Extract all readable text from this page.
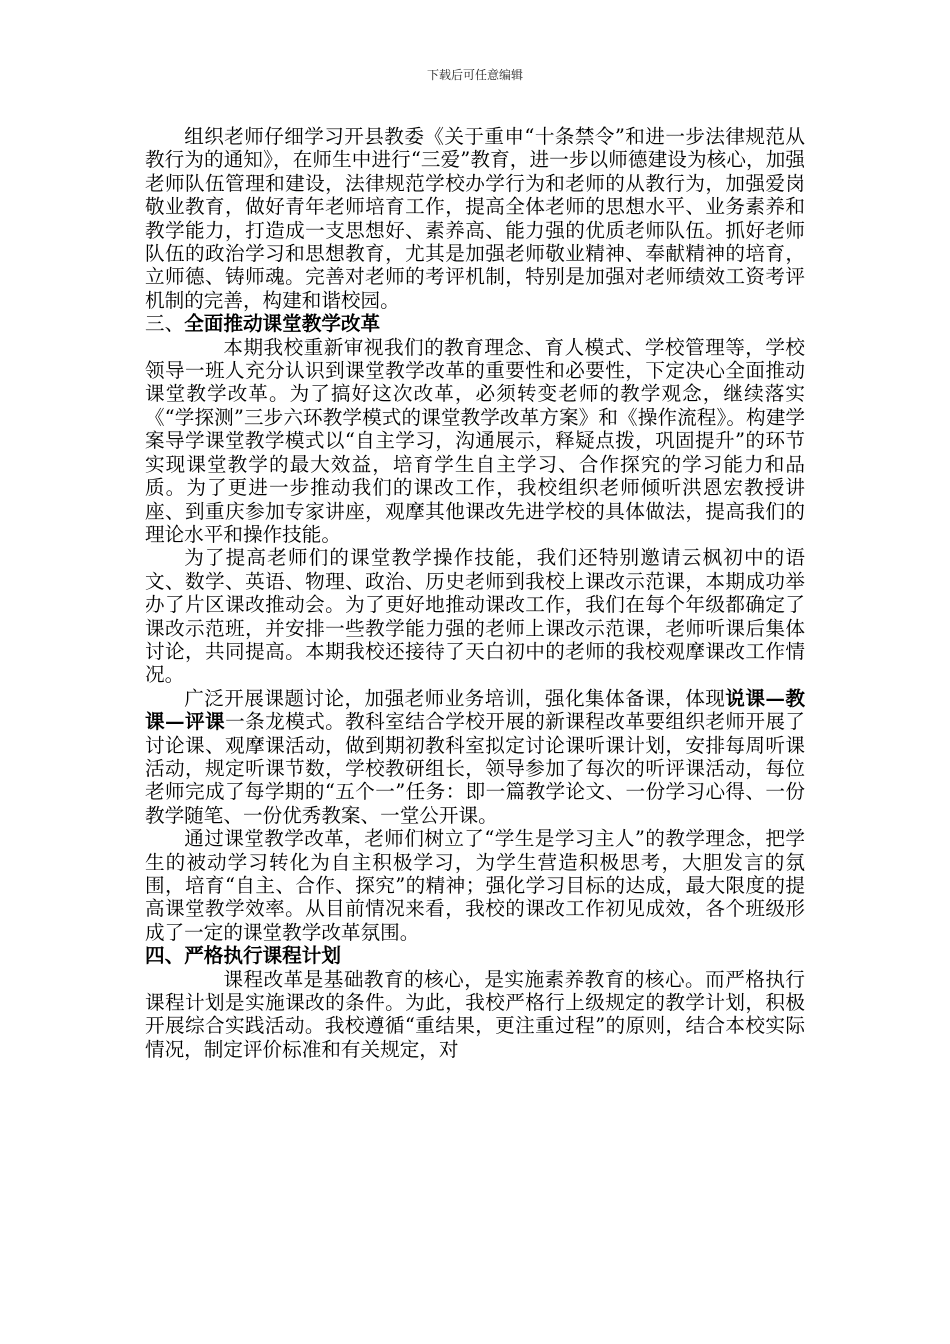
下载后可任意编辑

组织老师仔细学习开县教委《关于重申“十条禁令”和进一步法律规范从教行为的通知》，在师生中进行“三爱”教育，进一步以师德建设为核心，加强老师队伍管理和建设，法律规范学校办学行为和老师的从教行为，加强爱岗敬业教育，做好青年老师培育工作，提高全体老师的思想水平、业务素养和教学能力，打造成一支思想好、素养高、能力强的优质老师队伍。抓好老师队伍的政治学习和思想教育，尤其是加强老师敬业精神、奉献精神的培育，立师德、铸师魂。完善对老师的考评机制，特别是加强对老师绩效工资考评机制的完善，构建和谐校园。

三、全面推动课堂教学改革

本期我校重新审视我们的教育理念、育人模式、学校管理等，学校领导一班人充分认识到课堂教学改革的重要性和必要性，下定决心全面推动课堂教学改革。为了搞好这次改革，必须转变老师的教学观念，继续落实《“学探测”三步六环教学模式的课堂教学改革方案》和《操作流程》。构建学案导学课堂教学模式以“自主学习，沟通展示，释疑点拨，巩固提升”的环节实现课堂教学的最大效益，培育学生自主学习、合作探究的学习能力和品质。为了更进一步推动我们的课改工作，我校组织老师倾听洪恩宏教授讲座、到重庆参加专家讲座，观摩其他课改先进学校的具体做法，提高我们的理论水平和操作技能。

为了提高老师们的课堂教学操作技能，我们还特别邀请云枫初中的语文、数学、英语、物理、政治、历史老师到我校上课改示范课，本期成功举办了片区课改推动会。为了更好地推动课改工作，我们在每个年级都确定了课改示范班，并安排一些教学能力强的老师上课改示范课，老师听课后集体讨论，共同提高。本期我校还接待了天白初中的老师的我校观摩课改工作情况。

广泛开展课题讨论，加强老师业务培训，强化集体备课，体现说课—教课—评课一条龙模式。教科室结合学校开展的新课程改革要组织老师开展了讨论课、观摩课活动，做到期初教科室拟定讨论课听课计划，安排每周听课活动，规定听课节数，学校教研组长，领导参加了每次的听评课活动，每位老师完成了每学期的“五个一”任务：即一篇教学论文、一份学习心得、一份教学随笔、一份优秀教案、一堂公开课。

通过课堂教学改革，老师们树立了“学生是学习主人”的教学理念，把学生的被动学习转化为自主积极学习，为学生营造积极思考，大胆发言的氛围，培育“自主、合作、探究”的精神；强化学习目标的达成，最大限度的提高课堂教学效率。从目前情况来看，我校的课改工作初见成效，各个班级形成了一定的课堂教学改革氛围。

四、严格执行课程计划

课程改革是基础教育的核心，是实施素养教育的核心。而严格执行课程计划是实施课改的条件。为此，我校严格行上级规定的教学计划，积极开展综合实践活动。我校遵循“重结果，更注重过程”的原则，结合本校实际情况，制定评价标准和有关规定，对
